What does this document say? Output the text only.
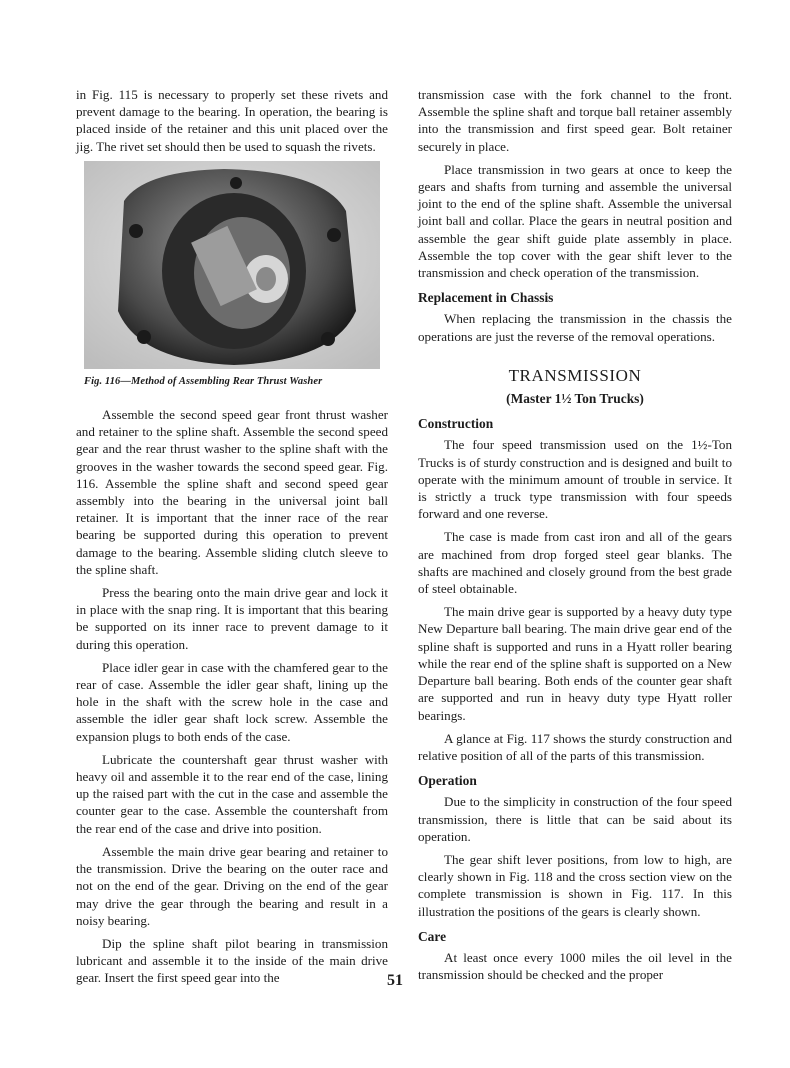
in Fig. 115 is necessary to properly set these rivets and prevent damage to the bearing. In operation, the bearing is placed inside of the retainer and this unit placed over the jig. The rivet set should then be used to squash the rivets.

Fig. 116—Method of Assembling Rear Thrust Washer

Assemble the second speed gear front thrust washer and retainer to the spline shaft. Assemble the second speed gear and the rear thrust washer to the spline shaft with the grooves in the washer towards the second speed gear. Fig. 116. Assemble the spline shaft and second speed gear assembly into the bearing in the universal joint ball retainer. It is important that the inner race of the rear bearing be supported during this operation to prevent damage to the bearing. Assemble sliding clutch sleeve to the spline shaft.

Press the bearing onto the main drive gear and lock it in place with the snap ring. It is important that this bearing be supported on its inner race to prevent damage to it during this operation.

Place idler gear in case with the chamfered gear to the rear of case. Assemble the idler gear shaft, lining up the hole in the shaft with the screw hole in the case and assemble the idler gear shaft lock screw. Assemble the expansion plugs to both ends of the case.

Lubricate the countershaft gear thrust washer with heavy oil and assemble it to the rear end of the case, lining up the raised part with the cut in the case and assemble the counter gear to the case. Assemble the countershaft from the rear end of the case and drive into position.

Assemble the main drive gear bearing and retainer to the transmission. Drive the bearing on the outer race and not on the end of the gear. Driving on the end of the gear may drive the gear through the bearing and result in a noisy bearing.

Dip the spline shaft pilot bearing in transmission lubricant and assemble it to the inside of the main drive gear. Insert the first speed gear into the

transmission case with the fork channel to the front. Assemble the spline shaft and torque ball retainer assembly into the transmission and first speed gear. Bolt retainer securely in place.

Place transmission in two gears at once to keep the gears and shafts from turning and assemble the universal joint to the end of the spline shaft. Assemble the universal joint ball and collar. Place the gears in neutral position and assemble the gear shift guide plate assembly in place. Assemble the top cover with the gear shift lever to the transmission and check operation of the transmission.

Replacement in Chassis

When replacing the transmission in the chassis the operations are just the reverse of the removal operations.

TRANSMISSION
(Master 1½ Ton Trucks)
Construction

The four speed transmission used on the 1½-Ton Trucks is of sturdy construction and is designed and built to operate with the minimum amount of trouble in service. It is strictly a truck type transmission with four speeds forward and one reverse.

The case is made from cast iron and all of the gears are machined from drop forged steel gear blanks. The shafts are machined and closely ground from the best grade of steel obtainable.

The main drive gear is supported by a heavy duty type New Departure ball bearing. The main drive gear end of the spline shaft is supported and runs in a Hyatt roller bearing while the rear end of the spline shaft is supported on a New Departure ball bearing. Both ends of the counter gear shaft are supported and run in heavy duty type Hyatt roller bearings.

A glance at Fig. 117 shows the sturdy construction and relative position of all of the parts of this transmission.

Operation

Due to the simplicity in construction of the four speed transmission, there is little that can be said about its operation.

The gear shift lever positions, from low to high, are clearly shown in Fig. 118 and the cross section view on the complete transmission is shown in Fig. 117. In this illustration the positions of the gears is clearly shown.

Care

At least once every 1000 miles the oil level in the transmission should be checked and the proper

51
